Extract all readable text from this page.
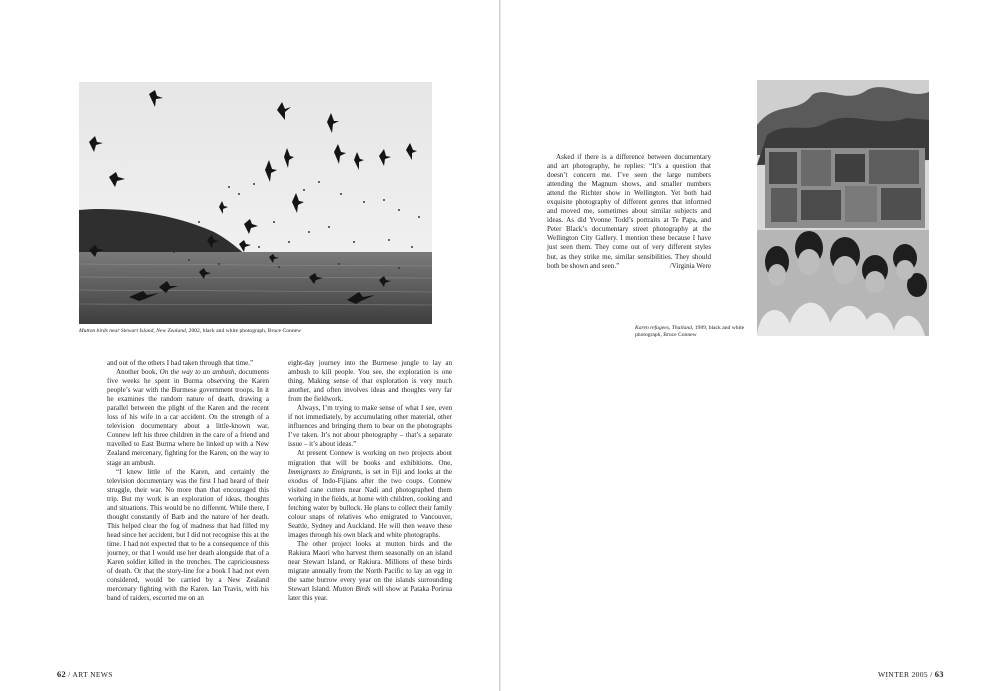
Mutton birds near Stewart Island, New Zealand, 2002, black and white photograph, Bruce Connew

and out of the others I had taken through that time.”

Another book, On the way to an ambush, documents five weeks he spent in Burma observing the Karen people’s war with the Burmese government troops. In it he examines the random nature of death, drawing a parallel between the plight of the Karen and the recent loss of his wife in a car accident. On the strength of a television documentary about a little-known war, Connew left his three children in the care of a friend and travelled to East Burma where he linked up with a New Zealand mercenary, fighting for the Karen, on the way to stage an ambush.

“I knew little of the Karen, and certainly the television documentary was the first I had heard of their struggle, their war. No more than that encouraged this trip. But my work is an exploration of ideas, thoughts and situations. This would be no different. While there, I thought constantly of Barb and the nature of her death. This helped clear the fog of madness that had filled my head since her accident, but I did not recognise this at the time. I had not expected that to be a consequence of this journey, or that I would use her death alongside that of a Karen soldier killed in the trenches. The capriciousness of death. Or that the story-line for a book I had not even considered, would be carried by a New Zealand mercenary fighting with the Karen. Ian Travis, with his band of raiders, escorted me on an

eight-day journey into the Burmese jungle to lay an ambush to kill people. You see, the exploration is one thing. Making sense of that exploration is very much another, and often involves ideas and thoughts very far from the fieldwork.

Always, I’m trying to make sense of what I see, even if not immediately, by accumulating other material, other influences and bringing them to bear on the photographs I’ve taken. It’s not about photography – that’s a separate issue – it’s about ideas.”

At present Connew is working on two projects about migration that will be books and exhibitions. One, Immigrants to Emigrants, is set in Fiji and looks at the exodus of Indo-Fijians after the two coups. Connew visited cane cutters near Nadi and photographed them working in the fields, at home with children, cooking and fetching water by bullock. He plans to collect their family colour snaps of relatives who emigrated to Vancouver, Seattle, Sydney and Auckland. He will then weave these images through his own black and white photographs.

The other project looks at mutton birds and the Rakiura Maori who harvest them seasonally on an island near Stewart Island, or Rakiura. Millions of these birds migrate annually from the North Pacific to lay an egg in the same burrow every year on the islands surrounding Stewart Island. Mutton Birds will show at Pataka Porirua later this year.

62 / ART NEWS

Asked if there is a difference between documentary and art photography, he replies: “It’s a question that doesn’t concern me. I’ve seen the large numbers attending the Magnum shows, and smaller numbers attend the Richter show in Wellington. Yet both had exquisite photography of different genres that informed and moved me, sometimes about similar subjects and ideas. As did Yvonne Todd’s portraits at Te Papa, and Peter Black’s documentary street photography at the Wellington City Gallery. I mention these because I have just seen them. They come out of very different styles but, as they strike me, similar sensibilities. They should both be shown and seen.”	/Virginia Were

Karen refugees, Thailand, 1989, black and white photograph, Bruce Connew
WINTER 2005 / 63
